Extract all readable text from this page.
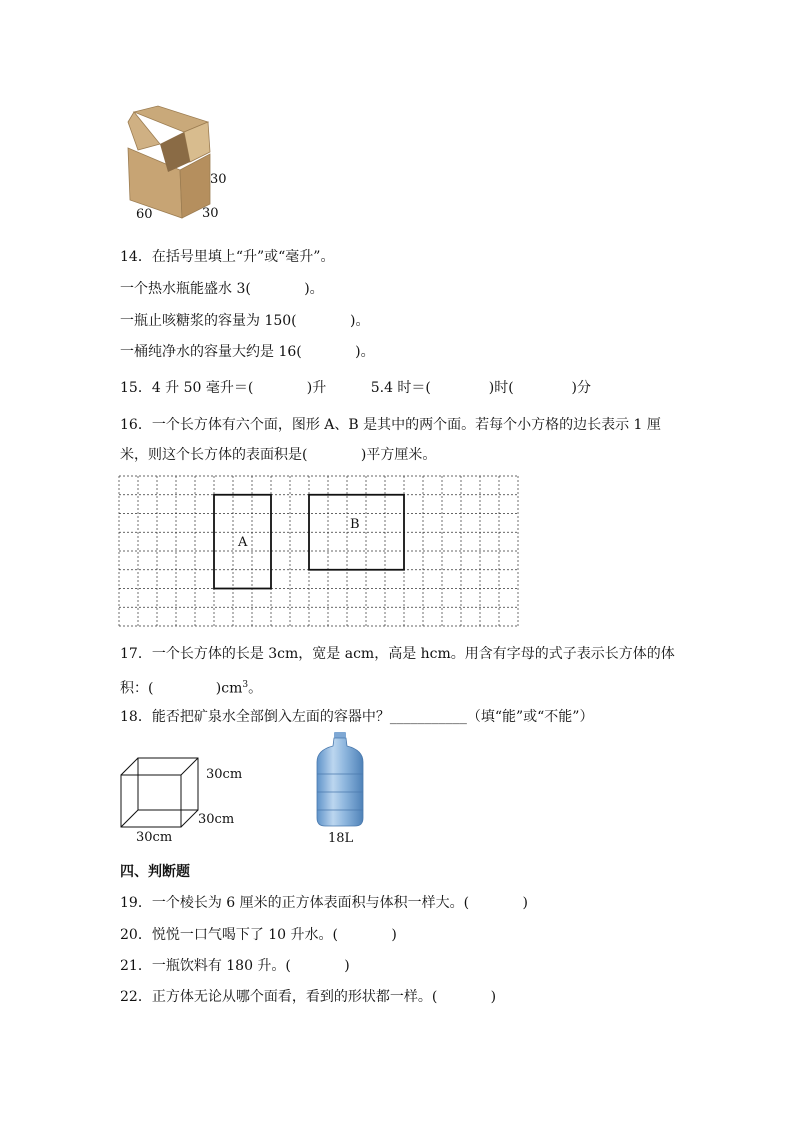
30
60	30
14．在括号里填上“升”或“毫升”。
一个热水瓶能盛水 3(            )。
一瓶止咳糖浆的容量为 150(            )。
一桶纯净水的容量大约是 16(            )。
15．4 升 50 毫升＝(            )升          5.4 时＝(             )时(             )分
16．一个长方体有六个面，图形 A、B 是其中的两个面。若每个小方格的边长表示 1 厘
米，则这个长方体的表面积是(            )平方厘米。
A
B
17．一个长方体的长是 3cm，宽是 acm，高是 hcm。用含有字母的式子表示长方体的体
积：(              )$cm^3$。
18．能否把矿泉水全部倒入左面的容器中？___________（填“能”或“不能”）
30cm
30cm
30cm	18L
四、判断题
19．一个棱长为 6 厘米的正方体表面积与体积一样大。(            )
20．悦悦一口气喝下了 10 升水。(            )
21．一瓶饮料有 180 升。(            )
22．正方体无论从哪个面看，看到的形状都一样。(            )
